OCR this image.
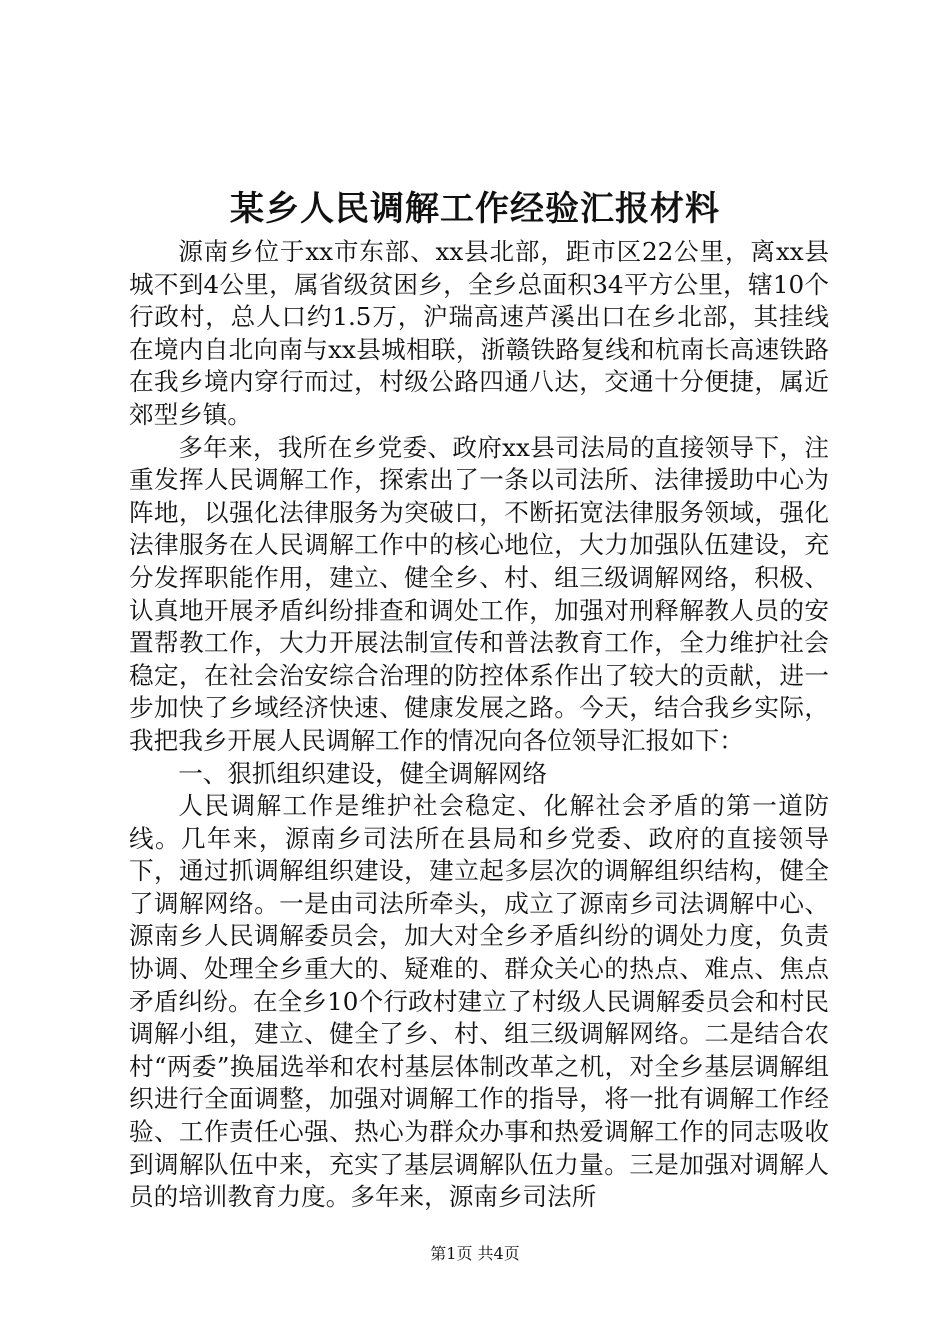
某乡人民调解工作经验汇报材料

源南乡位于xx市东部、xx县北部，距市区22公里，离xx县城不到4公里，属省级贫困乡，全乡总面积34平方公里，辖10个行政村，总人口约1.5万，沪瑞高速芦溪出口在乡北部，其挂线在境内自北向南与xx县城相联，浙赣铁路复线和杭南长高速铁路在我乡境内穿行而过，村级公路四通八达，交通十分便捷，属近郊型乡镇。

多年来，我所在乡党委、政府xx县司法局的直接领导下，注重发挥人民调解工作，探索出了一条以司法所、法律援助中心为阵地，以强化法律服务为突破口，不断拓宽法律服务领域，强化法律服务在人民调解工作中的核心地位，大力加强队伍建设，充分发挥职能作用，建立、健全乡、村、组三级调解网络，积极、认真地开展矛盾纠纷排查和调处工作，加强对刑释解教人员的安置帮教工作，大力开展法制宣传和普法教育工作，全力维护社会稳定，在社会治安综合治理的防控体系作出了较大的贡献，进一步加快了乡域经济快速、健康发展之路。今天，结合我乡实际，我把我乡开展人民调解工作的情况向各位领导汇报如下：

一、狠抓组织建设，健全调解网络

人民调解工作是维护社会稳定、化解社会矛盾的第一道防线。几年来，源南乡司法所在县局和乡党委、政府的直接领导下，通过抓调解组织建设，建立起多层次的调解组织结构，健全了调解网络。一是由司法所牵头，成立了源南乡司法调解中心、源南乡人民调解委员会，加大对全乡矛盾纠纷的调处力度，负责协调、处理全乡重大的、疑难的、群众关心的热点、难点、焦点矛盾纠纷。在全乡10个行政村建立了村级人民调解委员会和村民调解小组，建立、健全了乡、村、组三级调解网络。二是结合农村“两委”换届选举和农村基层体制改革之机，对全乡基层调解组织进行全面调整，加强对调解工作的指导，将一批有调解工作经验、工作责任心强、热心为群众办事和热爱调解工作的同志吸收到调解队伍中来，充实了基层调解队伍力量。三是加强对调解人员的培训教育力度。多年来，源南乡司法所

第1页 共4页
